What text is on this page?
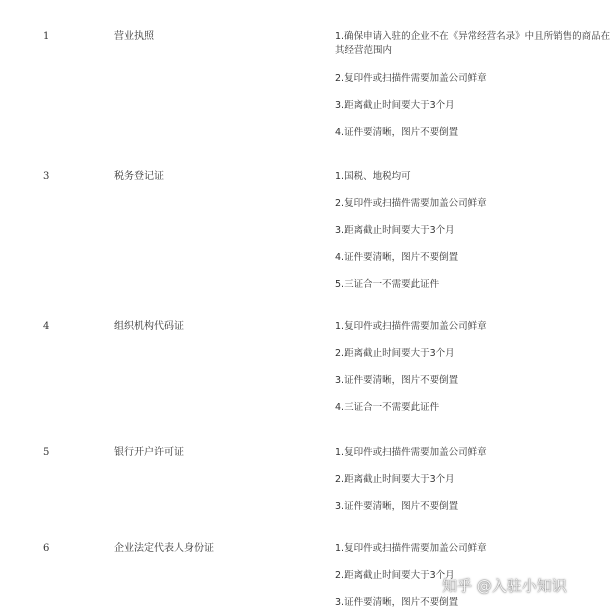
1	营业执照	1.确保申请入驻的企业不在《异常经营名录》中且所销售的商品在其经营范围内
2.复印件或扫描件需要加盖公司鲜章
3.距离截止时间要大于3个月
4.证件要清晰，图片不要倒置
3	税务登记证	1.国税、地税均可
2.复印件或扫描件需要加盖公司鲜章
3.距离截止时间要大于3个月
4.证件要清晰，图片不要倒置
5.三证合一不需要此证件
4	组织机构代码证	1.复印件或扫描件需要加盖公司鲜章
2.距离截止时间要大于3个月
3.证件要清晰，图片不要倒置
4.三证合一不需要此证件
5	银行开户许可证	1.复印件或扫描件需要加盖公司鲜章
2.距离截止时间要大于3个月
3.证件要清晰，图片不要倒置
6	企业法定代表人身份证	1.复印件或扫描件需要加盖公司鲜章
2.距离截止时间要大于3个月
3.证件要清晰，图片不要倒置
知乎 @入驻小知识
